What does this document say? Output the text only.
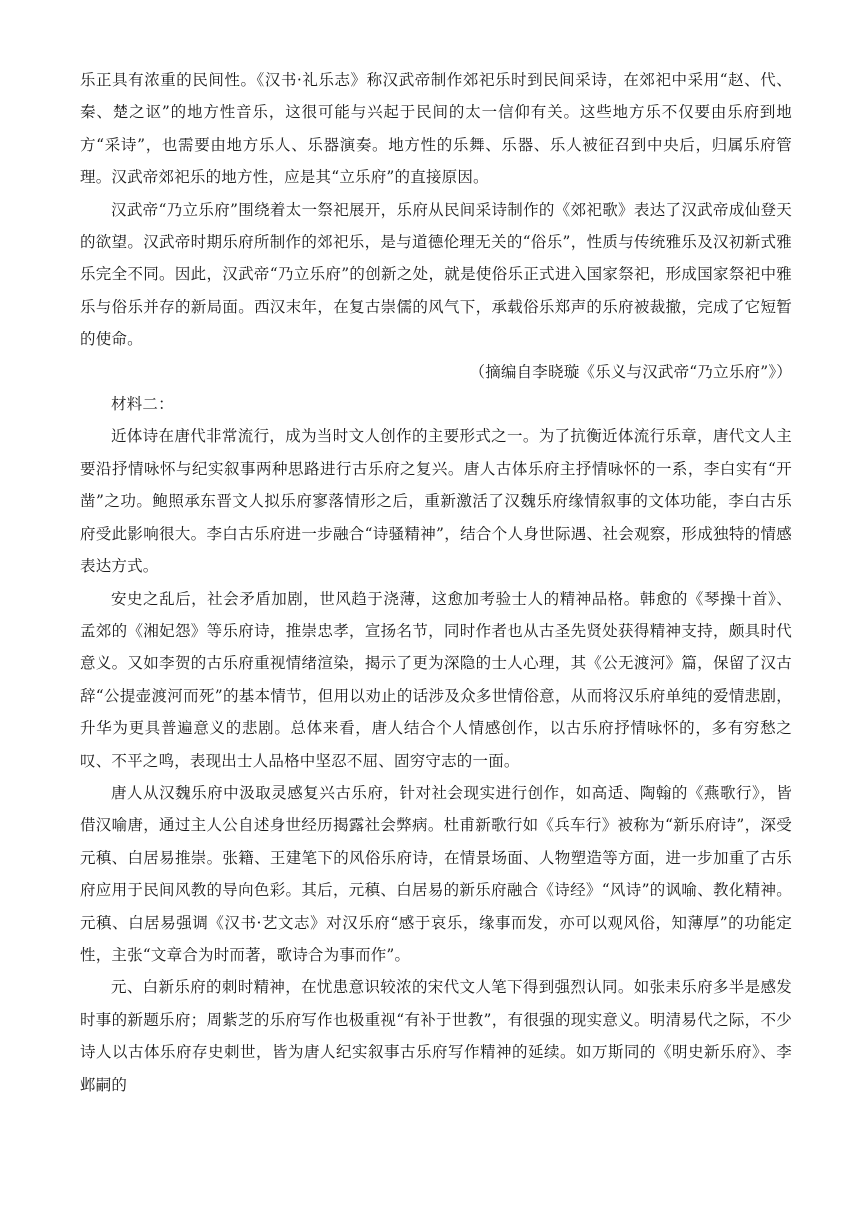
乐正具有浓重的民间性。《汉书·礼乐志》称汉武帝制作郊祀乐时到民间采诗，在郊祀中采用“赵、代、秦、楚之讴”的地方性音乐，这很可能与兴起于民间的太一信仰有关。这些地方乐不仅要由乐府到地方“采诗”，也需要由地方乐人、乐器演奏。地方性的乐舞、乐器、乐人被征召到中央后，归属乐府管理。汉武帝郊祀乐的地方性，应是其“立乐府”的直接原因。

汉武帝“乃立乐府”围绕着太一祭祀展开，乐府从民间采诗制作的《郊祀歌》表达了汉武帝成仙登天的欲望。汉武帝时期乐府所制作的郊祀乐，是与道德伦理无关的“俗乐”，性质与传统雅乐及汉初新式雅乐完全不同。因此，汉武帝“乃立乐府”的创新之处，就是使俗乐正式进入国家祭祀，形成国家祭祀中雅乐与俗乐并存的新局面。西汉末年，在复古崇儒的风气下，承载俗乐郑声的乐府被裁撤，完成了它短暂的使命。

（摘编自李晓璇《乐义与汉武帝“乃立乐府”》）

材料二：

近体诗在唐代非常流行，成为当时文人创作的主要形式之一。为了抗衡近体流行乐章，唐代文人主要沿抒情咏怀与纪实叙事两种思路进行古乐府之复兴。唐人古体乐府主抒情咏怀的一系，李白实有“开凿”之功。鲍照承东晋文人拟乐府寥落情形之后，重新激活了汉魏乐府缘情叙事的文体功能，李白古乐府受此影响很大。李白古乐府进一步融合“诗骚精神”，结合个人身世际遇、社会观察，形成独特的情感表达方式。

安史之乱后，社会矛盾加剧，世风趋于浇薄，这愈加考验士人的精神品格。韩愈的《琴操十首》、孟郊的《湘妃怨》等乐府诗，推崇忠孝，宣扬名节，同时作者也从古圣先贤处获得精神支持，颇具时代意义。又如李贺的古乐府重视情绪渲染，揭示了更为深隐的士人心理，其《公无渡河》篇，保留了汉古辞“公提壶渡河而死”的基本情节，但用以劝止的话涉及众多世情俗意，从而将汉乐府单纯的爱情悲剧，升华为更具普遍意义的悲剧。总体来看，唐人结合个人情感创作，以古乐府抒情咏怀的，多有穷愁之叹、不平之鸣，表现出士人品格中坚忍不屈、固穷守志的一面。

唐人从汉魏乐府中汲取灵感复兴古乐府，针对社会现实进行创作，如高适、陶翰的《燕歌行》，皆借汉喻唐，通过主人公自述身世经历揭露社会弊病。杜甫新歌行如《兵车行》被称为“新乐府诗”，深受元稹、白居易推崇。张籍、王建笔下的风俗乐府诗，在情景场面、人物塑造等方面，进一步加重了古乐府应用于民间风教的导向色彩。其后，元稹、白居易的新乐府融合《诗经》“风诗”的讽喻、教化精神。元稹、白居易强调《汉书·艺文志》对汉乐府“感于哀乐，缘事而发，亦可以观风俗，知薄厚”的功能定性，主张“文章合为时而著，歌诗合为事而作”。

元、白新乐府的刺时精神，在忧患意识较浓的宋代文人笔下得到强烈认同。如张耒乐府多半是感发时事的新题乐府；周紫芝的乐府写作也极重视“有补于世教”，有很强的现实意义。明清易代之际，不少诗人以古体乐府存史刺世，皆为唐人纪实叙事古乐府写作精神的延续。如万斯同的《明史新乐府》、李邺嗣的
